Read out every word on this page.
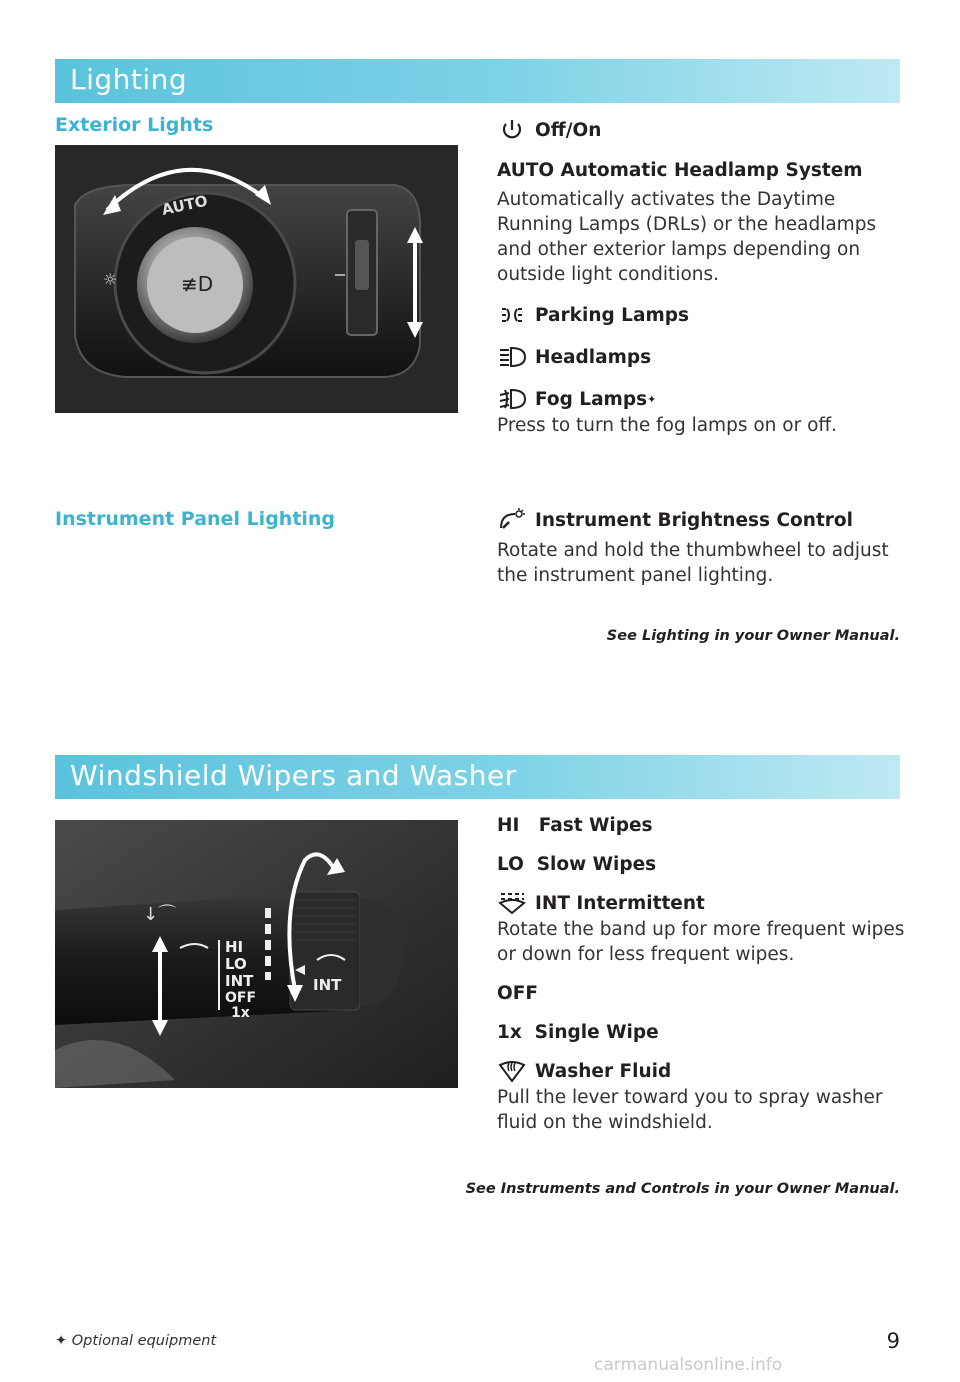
Lighting
Exterior Lights
≢D
AUTO
☼
Off/On
AUTO Automatic Headlamp System
Automatically activates the Daytime Running Lamps (DRLs) or the headlamps and other exterior lamps depending on outside light conditions.
Parking Lamps
Headlamps
Fog Lamps ✦
Press to turn the fog lamps on or off.
Instrument Panel Lighting	Instrument Brightness Control
Rotate and hold the thumbwheel to adjust the instrument panel lighting.
See Lighting in your Owner Manual.
Windshield Wipers and Washer
↓⌒
HI
LO
INT
OFF
1x
INT
HI   Fast Wipes
LO  Slow Wipes
INT Intermittent
Rotate the band up for more frequent wipes or down for less frequent wipes.
OFF
1x  Single Wipe
Washer Fluid
Pull the lever toward you to spray washer fluid on the windshield.
See Instruments and Controls in your Owner Manual.
✦ Optional equipment	9
carmanualsonline.info
